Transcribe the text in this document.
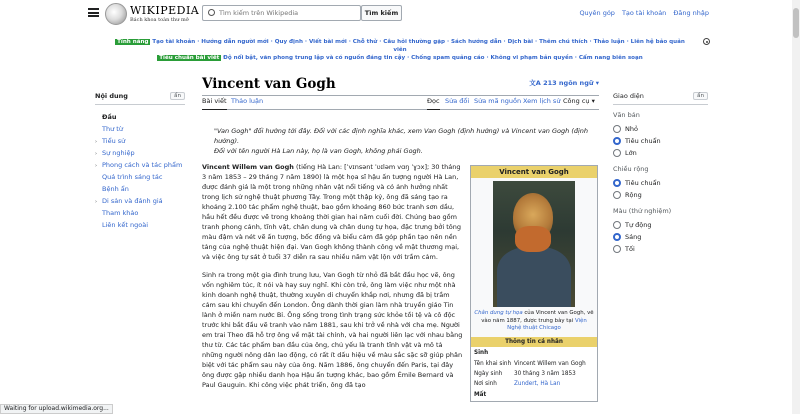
WIKIPEDIA
Bách khoa toàn thư mở
Tìm kiếm trên Wikipedia
Tìm kiếm	Quyên góp Tạo tài khoản Đăng nhập
Tính năng Tạo tài khoản · Hướng dẫn người mới · Quy định · Viết bài mới · Chỗ thử · Câu hỏi thường gặp · Sách hướng dẫn · Dịch bài · Thêm chú thích · Thảo luận · Liên hệ bảo quản viên
Tiêu chuẩn bài viết Độ nổi bật, văn phong trung lập và có nguồn đáng tin cậy · Chống spam quảng cáo · Không vi phạm bản quyền · Cẩm nang biên soạn
Nội dung	ẩn
Đầu
Thư từ
› Tiểu sử
› Sự nghiệp
› Phong cách và tác phẩm
Quá trình sáng tác
Bệnh ẩn
› Di sản và đánh giá
Tham khảo
Liên kết ngoài
Vincent van Gogh	文A 213 ngôn ngữ ▾
Bài viết Thảo luận	Đọc Sửa đổi Sửa mã nguồn Xem lịch sử Công cụ ▾
"Van Gogh" đổi hướng tới đây. Đối với các định nghĩa khác, xem Van Gogh (định hướng) và Vincent van Gogh (định hướng).
Đối với tên người Hà Lan này, họ là van Gogh, không phải Gogh.
Vincent Willem van Gogh (tiếng Hà Lan: [ˈvɪnsənt ˈʋɪləm vɑŋ ˈɣɔx]; 30 tháng 3 năm 1853 – 29 tháng 7 năm 1890) là một họa sĩ hậu ấn tượng người Hà Lan, được đánh giá là một trong những nhân vật nổi tiếng và có ảnh hưởng nhất trong lịch sử nghệ thuật phương Tây. Trong một thập kỷ, ông đã sáng tạo ra khoảng 2.100 tác phẩm nghệ thuật, bao gồm khoảng 860 bức tranh sơn dầu, hầu hết đều được vẽ trong khoảng thời gian hai năm cuối đời. Chúng bao gồm tranh phong cảnh, tĩnh vật, chân dung và chân dung tự họa, đặc trưng bởi tông màu đậm và nét vẽ ấn tượng, bốc đồng và biểu cảm đã góp phần tạo nên nền tảng của nghệ thuật hiện đại. Van Gogh không thành công về mặt thương mại, và việc ông tự sát ở tuổi 37 diễn ra sau nhiều năm vật lộn với trầm cảm.
Sinh ra trong một gia đình trung lưu, Van Gogh từ nhỏ đã bắt đầu học vẽ, ông vốn nghiêm túc, ít nói và hay suy nghĩ. Khi còn trẻ, ông làm việc như một nhà kinh doanh nghệ thuật, thường xuyên di chuyển khắp nơi, nhưng đã bị trầm cảm sau khi chuyển đến London. Ông dành thời gian làm nhà truyền giáo Tin lành ở miền nam nước Bỉ. Ông sống trong tình trạng sức khỏe tồi tệ và cô độc trước khi bắt đầu vẽ tranh vào năm 1881, sau khi trở về nhà với cha mẹ. Người em trai Theo đã hỗ trợ ông về mặt tài chính, và hai người liên lạc với nhau bằng thư từ. Các tác phẩm ban đầu của ông, chủ yếu là tranh tĩnh vật và mô tả những người nông dân lao động, có rất ít dấu hiệu về màu sắc sặc sỡ giúp phân biệt với tác phẩm sau này của ông. Năm 1886, ông chuyển đến Paris, tại đây ông được gặp nhiều danh họa Hậu ấn tượng khác, bao gồm Émile Bernard và Paul Gauguin. Khi công việc phát triển, ông đã tạo
Vincent van Gogh
Chân dung tự họa của Vincent van Gogh, vẽ vào năm 1887, được trưng bày tại Viện Nghệ thuật Chicago
Thông tin cá nhân
Sinh
Tên khai sinh Vincent Willem van Gogh
Ngày sinh	30 tháng 3 năm 1853
Nơi sinh	Zundert, Hà Lan
Mất
Giao diện	ẩn
Văn bản
Nhỏ
Tiêu chuẩn
Lớn
Chiều rộng
Tiêu chuẩn
Rộng
Màu (thử nghiệm)
Tự động
Sáng
Tối
Waiting for upload.wikimedia.org...
